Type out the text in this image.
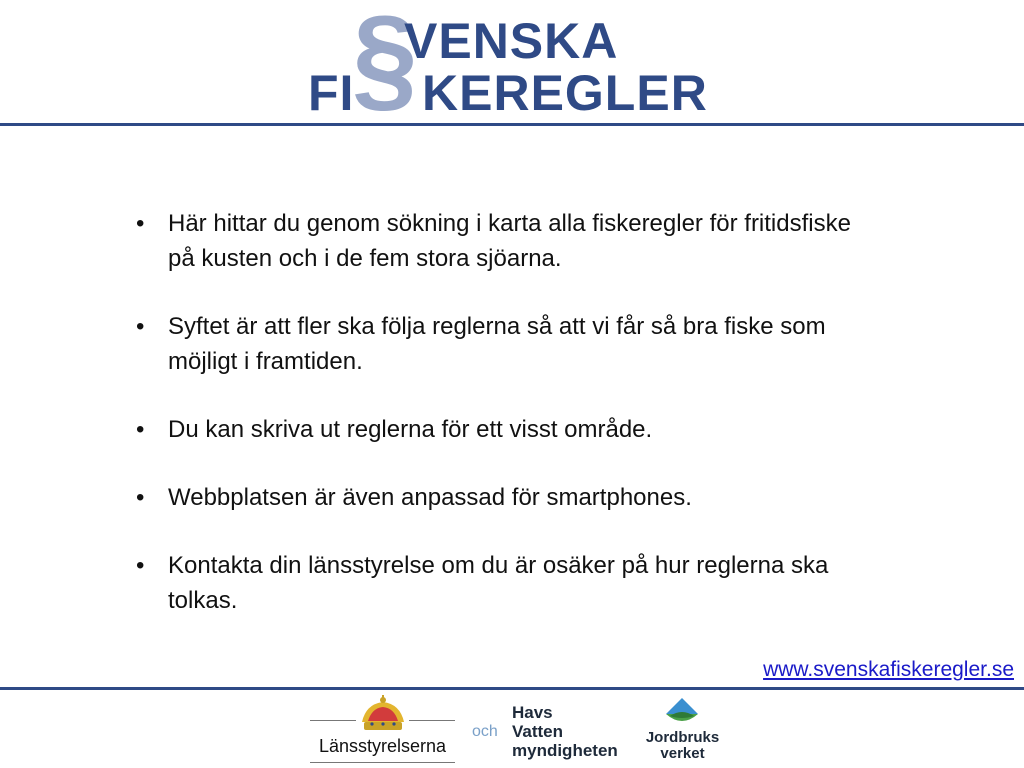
§
VENSKA
FI KEREGLER
• Här hittar du genom sökning i karta alla fiskeregler för fritidsfiske på kusten och i de fem stora sjöarna.
• Syftet är att fler ska följa reglerna så att vi får så bra fiske som möjligt i framtiden.
• Du kan skriva ut reglerna för ett visst område.
• Webbplatsen är även anpassad för smartphones.
• Kontakta din länsstyrelse om du är osäker på hur reglerna ska tolkas.
www.svenskafiskeregler.se
Länsstyrelserna
och
Havs
Vatten
myndigheten
Jordbruks
verket
